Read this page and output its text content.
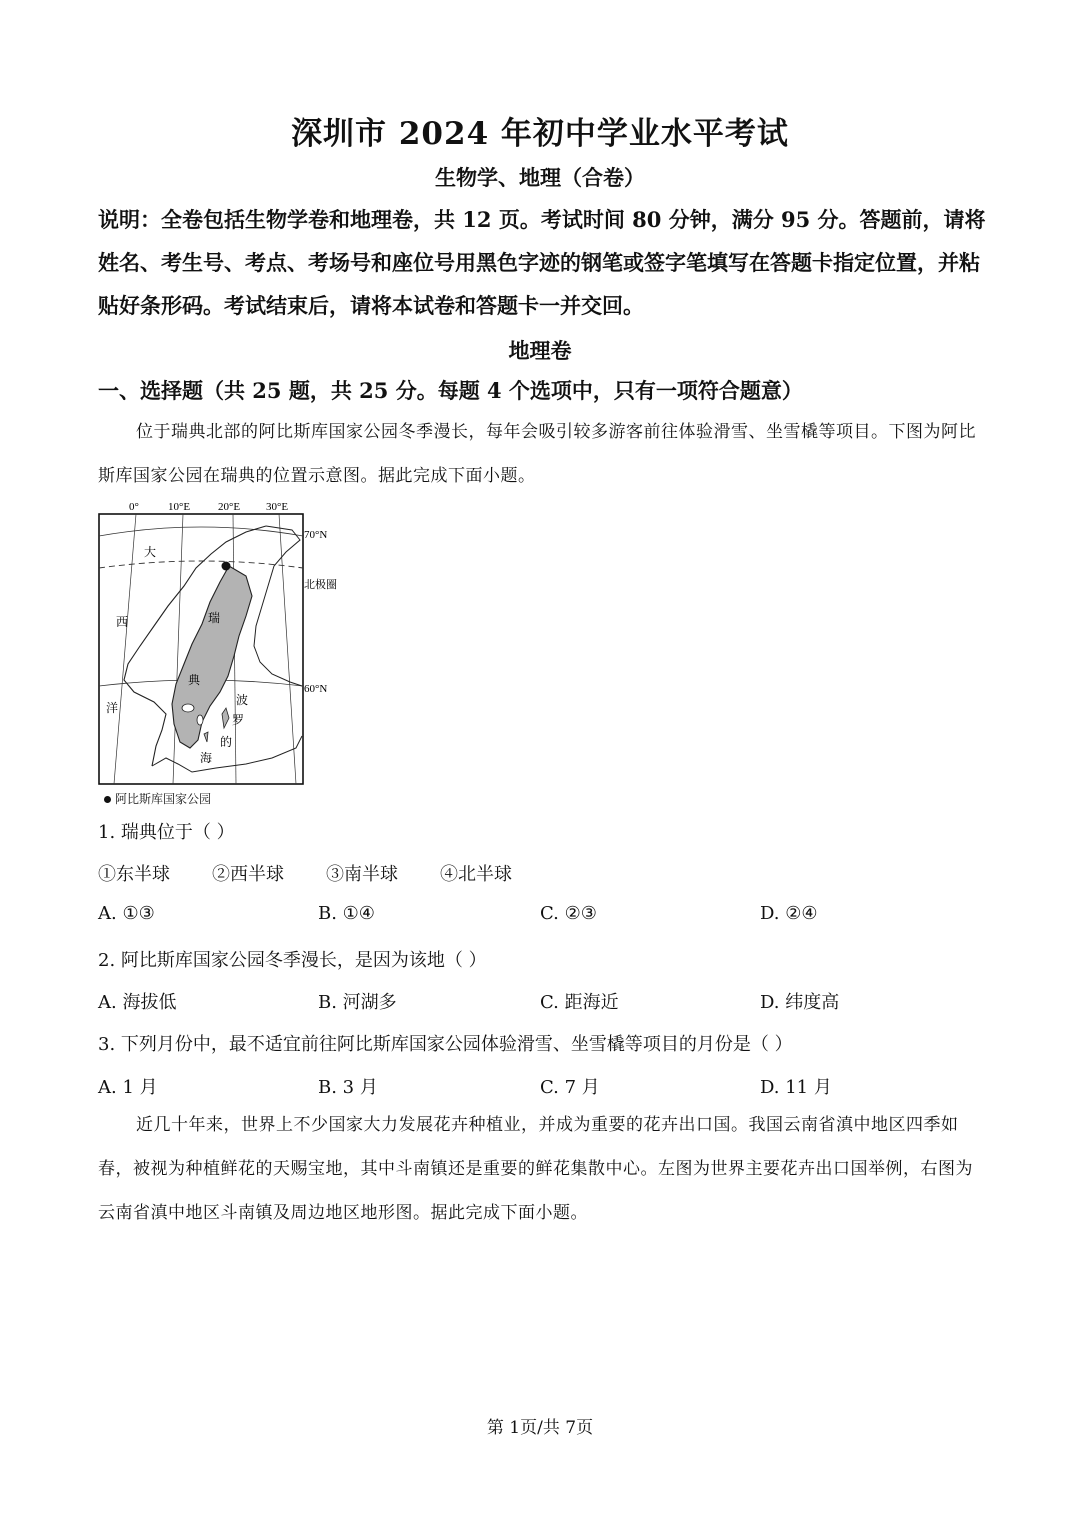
深圳市 2024 年初中学业水平考试
生物学、地理（合卷）
说明：全卷包括生物学卷和地理卷，共 12 页。考试时间 80 分钟，满分 95 分。答题前，请将姓名、考生号、考点、考场号和座位号用黑色字迹的钢笔或签字笔填写在答题卡指定位置，并粘贴好条形码。考试结束后，请将本试卷和答题卡一并交回。
地理卷
一、选择题（共 25 题，共 25 分。每题 4 个选项中，只有一项符合题意）
位于瑞典北部的阿比斯库国家公园冬季漫长，每年会吸引较多游客前往体验滑雪、坐雪橇等项目。下图为阿比斯库国家公园在瑞典的位置示意图。据此完成下面小题。
0°	10°E	20°E 30°E
70°N
60°N
北极圈
大
西
洋
瑞
典
波
罗
的
海
阿比斯库国家公园
1. 瑞典位于（ ）
①东半球 ②西半球 ③南半球 ④北半球
A. ①③	B. ①④	C. ②③	D. ②④
2. 阿比斯库国家公园冬季漫长，是因为该地（ ）
A. 海拔低	B. 河湖多	C. 距海近	D. 纬度高
3. 下列月份中，最不适宜前往阿比斯库国家公园体验滑雪、坐雪橇等项目的月份是（ ）
A. 1 月	B. 3 月	C. 7 月	D. 11 月
近几十年来，世界上不少国家大力发展花卉种植业，并成为重要的花卉出口国。我国云南省滇中地区四季如春，被视为种植鲜花的天赐宝地，其中斗南镇还是重要的鲜花集散中心。左图为世界主要花卉出口国举例，右图为云南省滇中地区斗南镇及周边地区地形图。据此完成下面小题。
第 1页/共 7页
